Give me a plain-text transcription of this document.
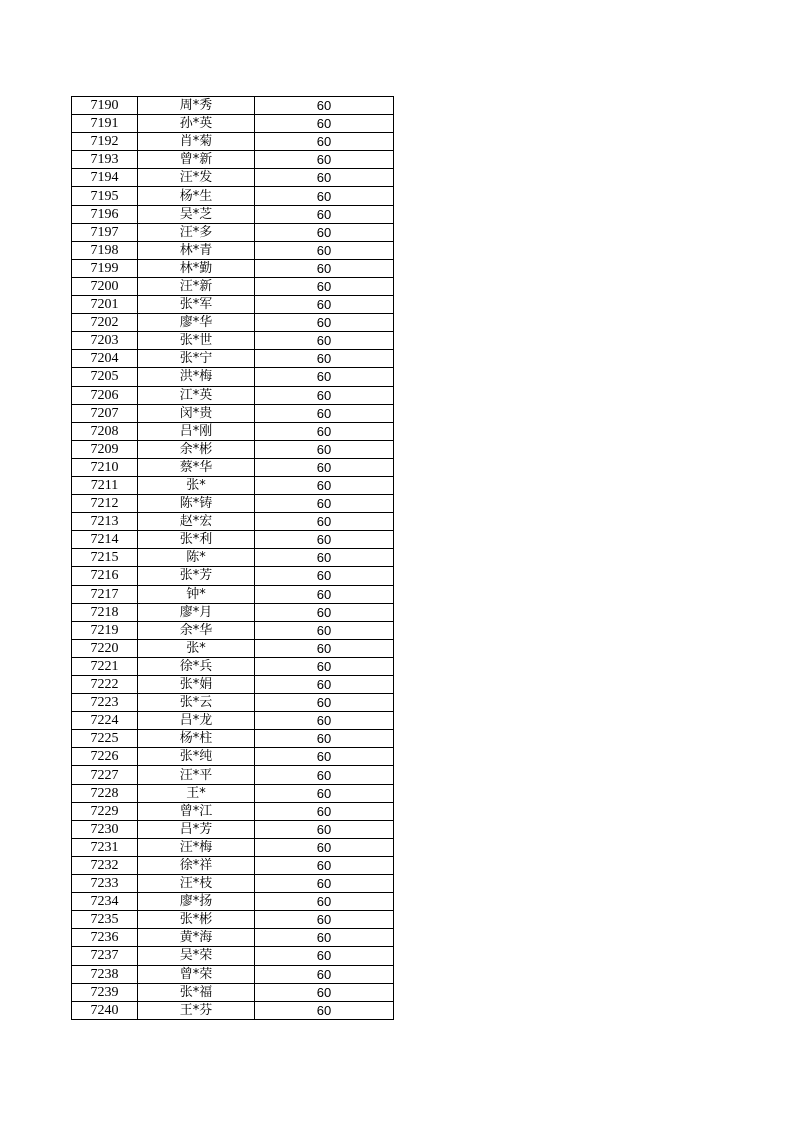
7190	周*秀	60
7191	孙*英	60
7192	肖*菊	60
7193	曾*新	60
7194	汪*发	60
7195	杨*生	60
7196	吴*芝	60
7197	汪*多	60
7198	林*青	60
7199	林*勤	60
7200	汪*新	60
7201	张*军	60
7202	廖*华	60
7203	张*世	60
7204	张*宁	60
7205	洪*梅	60
7206	江*英	60
7207	闵*贵	60
7208	吕*刚	60
7209	余*彬	60
7210	蔡*华	60
7211	张*	60
7212	陈*铸	60
7213	赵*宏	60
7214	张*利	60
7215	陈*	60
7216	张*芳	60
7217	钟*	60
7218	廖*月	60
7219	余*华	60
7220	张*	60
7221	徐*兵	60
7222	张*娟	60
7223	张*云	60
7224	吕*龙	60
7225	杨*柱	60
7226	张*纯	60
7227	汪*平	60
7228	王*	60
7229	曾*江	60
7230	吕*芳	60
7231	汪*梅	60
7232	徐*祥	60
7233	汪*枝	60
7234	廖*扬	60
7235	张*彬	60
7236	黄*海	60
7237	吴*荣	60
7238	曾*荣	60
7239	张*福	60
7240	王*芬	60
